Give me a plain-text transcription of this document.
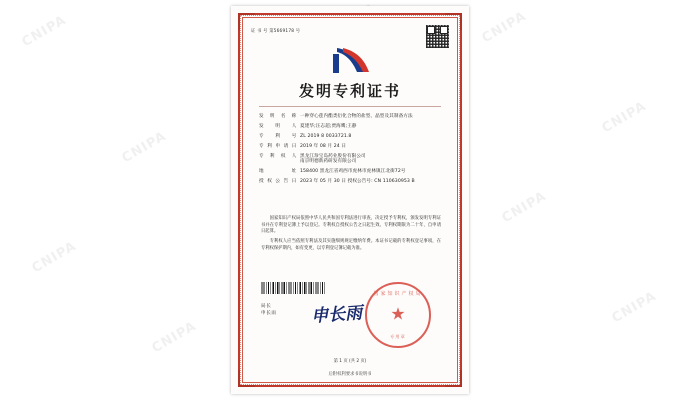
CNIPA
CNIPA
CNIPA
CNIPA
CNIPA
CNIPA
CNIPA
CNIPA
证 书 号 第5669178 号
发明专利证书
发明名称 一种穿心莲内酯类衍化合物的盐型、晶型及其制备方法
发明人 夏建华;汪志超;贾海鹰;王静
专利号 ZL 2019 8 0033721.8
专利申请日 2019 年 08 月 24 日
专利权人 黑龙江珍宝岛药业股份有限公司
南京明德新药研发有限公司
地址 158400 黑龙江省鸡西市虎林市虎林镇江北街72号
授权公告日 2023 年 05 月 30 日 授权公告号: CN 110630953 B
国家知识产权局依照中华人民共和国专利法进行审查，决定授予专利权，颁发发明专利证书并在专利登记簿上予以登记。专利权自授权公告之日起生效。专利权期限为二十年，自申请日起算。
专利权人应当依照专利法及其实施细则规定缴纳年费。本证书记载的专利权登记事项，在专利权保护期内，如有变更，以专利登记簿记载为准。
局长
申长雨 申长雨
国家知识产权局
★
专用章
第 1 页 (共 2 页)
后附权利要求书说明书
